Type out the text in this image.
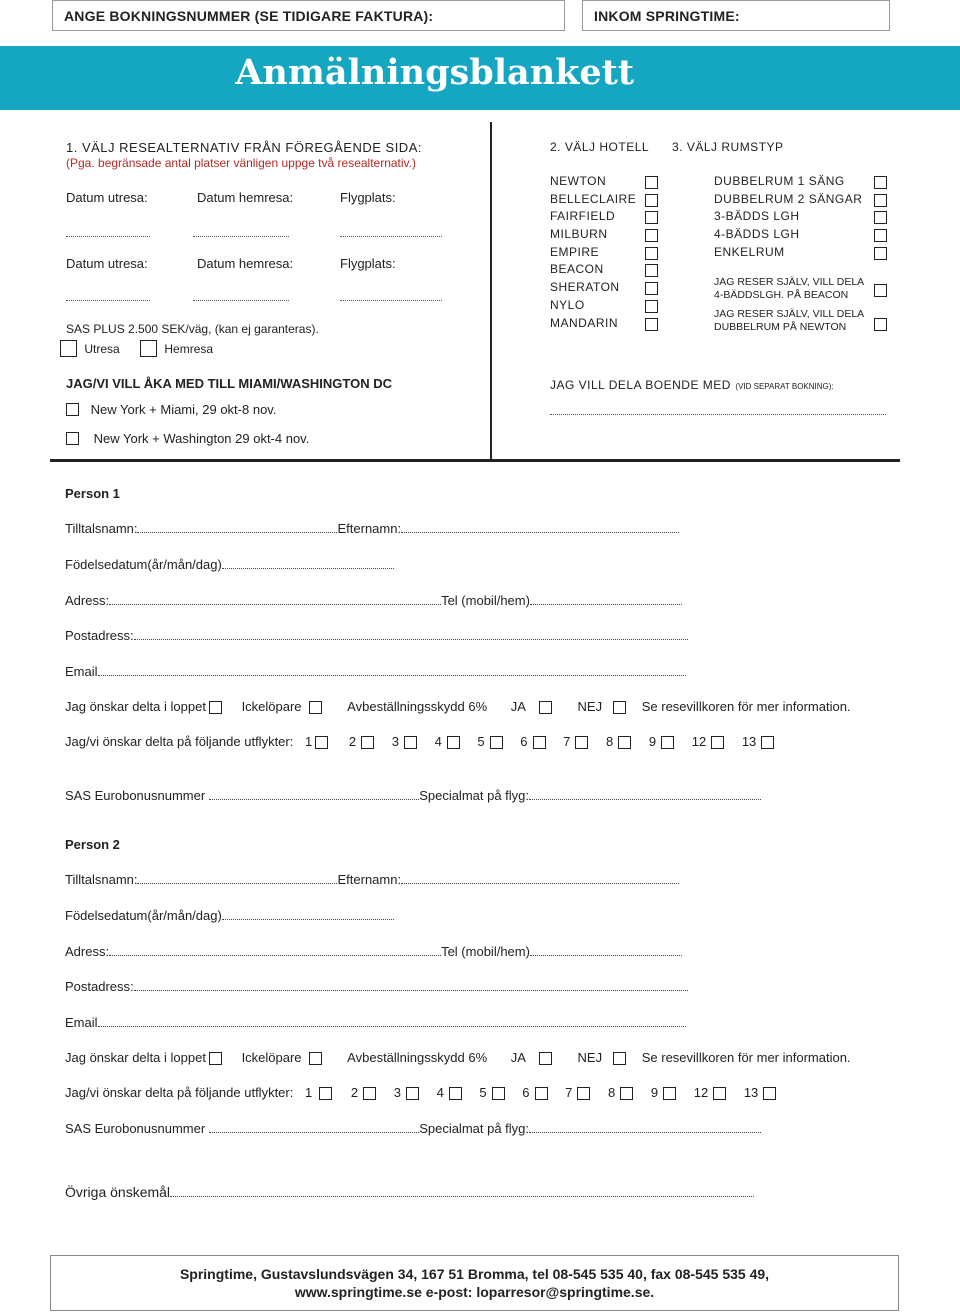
ANGE BOKNINGSNUMMER (SE TIDIGARE FAKTURA):	INKOM SPRINGTIME:
Anmälningsblankett
1. VÄLJ RESEALTERNATIV FRÅN FÖREGÅENDE SIDA:
(Pga. begränsade antal platser vänligen uppge två resealternativ.)
Datum utresa:	Datum hemresa:	Flygplats:
Datum utresa:	Datum hemresa:	Flygplats:
SAS PLUS 2.500 SEK/väg, (kan ej garanteras).
Utresa	Hemresa
2. VÄLJ HOTELL
NEWTON
BELLECLAIRE
FAIRFIELD
MILBURN
EMPIRE
BEACON
SHERATON
NYLO
MANDARIN
3. VÄLJ RUMSTYP
DUBBELRUM 1 SÄNG
DUBBELRUM 2 SÄNGAR
3-BÄDDS LGH
4-BÄDDS LGH
ENKELRUM
JAG RESER SJÄLV, VILL DELA
4-BÄDDSLGH. PÅ BEACON
JAG RESER SJÄLV, VILL DELA
DUBBELRUM PÅ NEWTON
JAG/VI VILL ÅKA MED TILL MIAMI/WASHINGTON DC
New York + Miami, 29 okt-8 nov.
New York + Washington 29 okt-4 nov.
JAG VILL DELA BOENDE MED (VID SEPARAT BOKNING):
Person 1
Tilltalsnamn:	Efternamn:
Födelsedatum(år/mån/dag)
Adress:	Tel (mobil/hem)
Postadress:
Email
Jag önskar delta i loppet	Ickelöpare	Avbeställningsskydd 6% JA	NEJ	Se resevillkoren för mer information.
Jag/vi önskar delta på följande utflykter: 1	2	3	4	5	6	7	8	9	12	13
SAS Eurobonusnummer	Specialmat på flyg:
Person 2
Tilltalsnamn:	Efternamn:
Födelsedatum(år/mån/dag)
Adress:	Tel (mobil/hem)
Postadress:
Email
Jag önskar delta i loppet	Ickelöpare	Avbeställningsskydd 6% JA	NEJ	Se resevillkoren för mer information.
Jag/vi önskar delta på följande utflykter: 1	2	3	4	5	6	7	8	9	12	13
SAS Eurobonusnummer	Specialmat på flyg:
Övriga önskemål
Springtime, Gustavslundsvägen 34, 167 51 Bromma, tel 08-545 535 40, fax 08-545 535 49,
www.springtime.se e-post: loparresor@springtime.se.
